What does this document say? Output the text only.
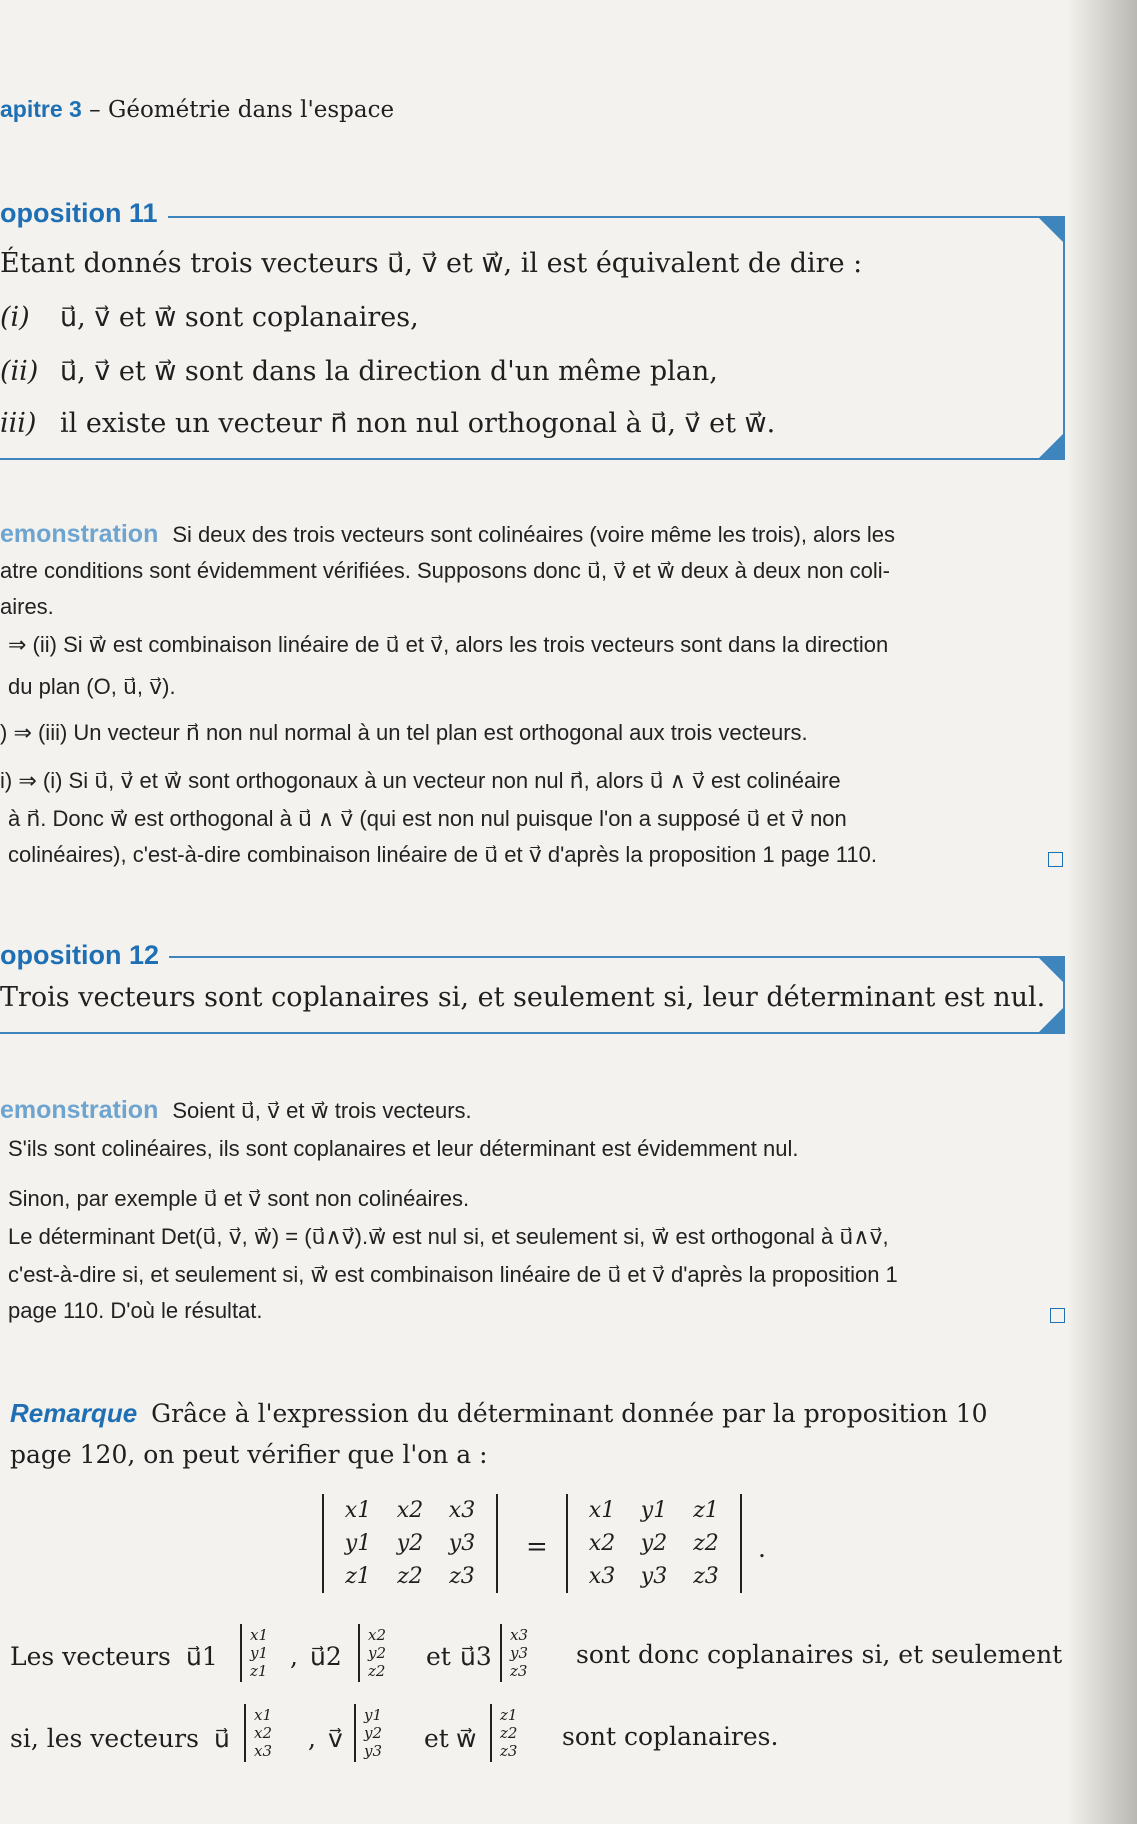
apitre 3 – Géométrie dans l'espace
oposition 11
Étant donnés trois vecteurs u⃗, v⃗ et w⃗, il est équivalent de dire :
(i) u⃗, v⃗ et w⃗ sont coplanaires,
(ii) u⃗, v⃗ et w⃗ sont dans la direction d'un même plan,
iii) il existe un vecteur n⃗ non nul orthogonal à u⃗, v⃗ et w⃗.
emonstration Si deux des trois vecteurs sont colinéaires (voire même les trois), alors les
atre conditions sont évidemment vérifiées. Supposons donc u⃗, v⃗ et w⃗ deux à deux non coli-
aires.
⇒ (ii) Si w⃗ est combinaison linéaire de u⃗ et v⃗, alors les trois vecteurs sont dans la direction
du plan (O, u⃗, v⃗).
) ⇒ (iii) Un vecteur n⃗ non nul normal à un tel plan est orthogonal aux trois vecteurs.
i) ⇒ (i) Si u⃗, v⃗ et w⃗ sont orthogonaux à un vecteur non nul n⃗, alors u⃗ ∧ v⃗ est colinéaire
à n⃗. Donc w⃗ est orthogonal à u⃗ ∧ v⃗ (qui est non nul puisque l'on a supposé u⃗ et v⃗ non
colinéaires), c'est-à-dire combinaison linéaire de u⃗ et v⃗ d'après la proposition 1 page 110.
oposition 12
Trois vecteurs sont coplanaires si, et seulement si, leur déterminant est nul.
emonstration Soient u⃗, v⃗ et w⃗ trois vecteurs.
S'ils sont colinéaires, ils sont coplanaires et leur déterminant est évidemment nul.
Sinon, par exemple u⃗ et v⃗ sont non colinéaires.
Le déterminant Det(u⃗, v⃗, w⃗) = (u⃗∧v⃗).w⃗ est nul si, et seulement si, w⃗ est orthogonal à u⃗∧v⃗,
c'est-à-dire si, et seulement si, w⃗ est combinaison linéaire de u⃗ et v⃗ d'après la proposition 1
page 110. D'où le résultat.
Remarque Grâce à l'expression du déterminant donnée par la proposition 10
page 120, on peut vérifier que l'on a :
x1	x2	x3
y1	y2	y3
z1	z2	z3
=
x1	y1	z1
x2	y2	z2
x3	y3	z3
.
Les vecteurs u⃗1
x1
y1
z1 , u⃗2
x2
y2
z2 et u⃗3
x3
y3
z3
sont donc coplanaires si, et seulement
si, les vecteurs u⃗
x1
x2
x3 , v⃗
y1
y2
y3 et w⃗
z1
z2
z3 sont coplanaires.
